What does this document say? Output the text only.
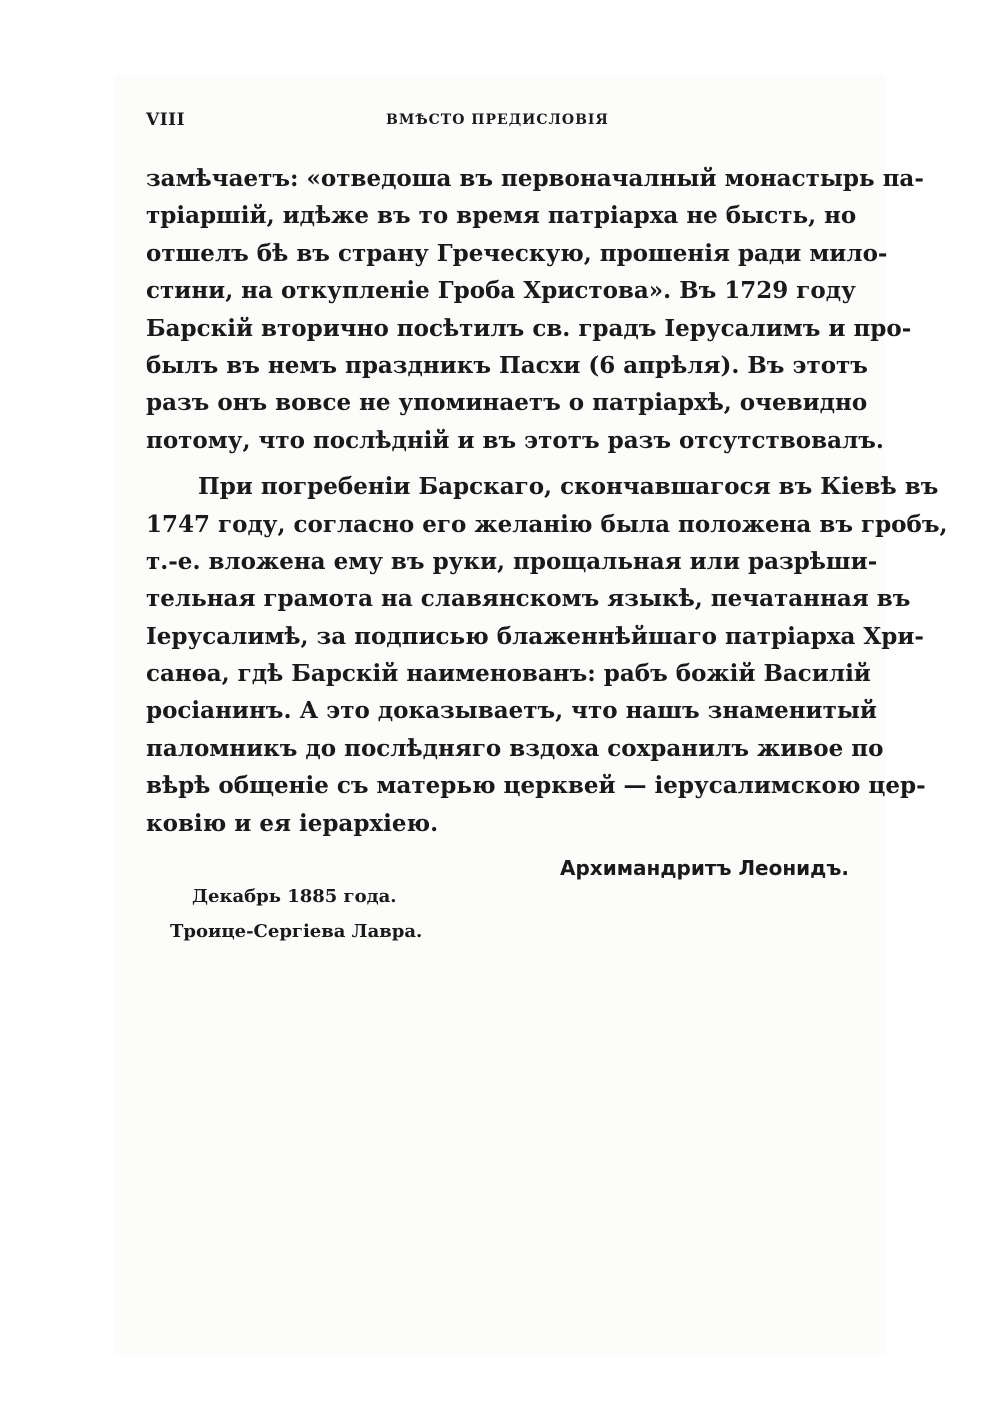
VIII	ВМѢСТО ПРЕДИСЛОВІЯ
замѣчаетъ: «отведоша въ первоначалный монастырь па-
тріаршій, идѣже въ то время патріарха не бысть, но
отшелъ бѣ въ страну Греческую, прошенія ради мило-
стини, на откупленіе Гроба Христова». Въ 1729 году
Барскій вторично посѣтилъ св. градъ Іерусалимъ и про-
былъ въ немъ праздникъ Пасхи (6 апрѣля). Въ этотъ
разъ онъ вовсе не упоминаетъ о патріархѣ, очевидно
потому, что послѣдній и въ этотъ разъ отсутствовалъ.
При погребеніи Барскаго, скончавшагося въ Кіевѣ въ
1747 году, согласно его желанію была положена въ гробъ,
т.-е. вложена ему въ руки, прощальная или разрѣши-
тельная грамота на славянскомъ языкѣ, печатанная въ
Іерусалимѣ, за подписью блаженнѣйшаго патріарха Хри-
санѳа, гдѣ Барскій наименованъ: рабъ божій Василій
росіанинъ. А это доказываетъ, что нашъ знаменитый
паломникъ до послѣдняго вздоха сохранилъ живое по
вѣрѣ общеніе съ матерью церквей — іерусалимскою цер-
ковію и ея іерархіею.
Архимандритъ Леонидъ.
Декабрь 1885 года.
Троице-Сергіева Лавра.
